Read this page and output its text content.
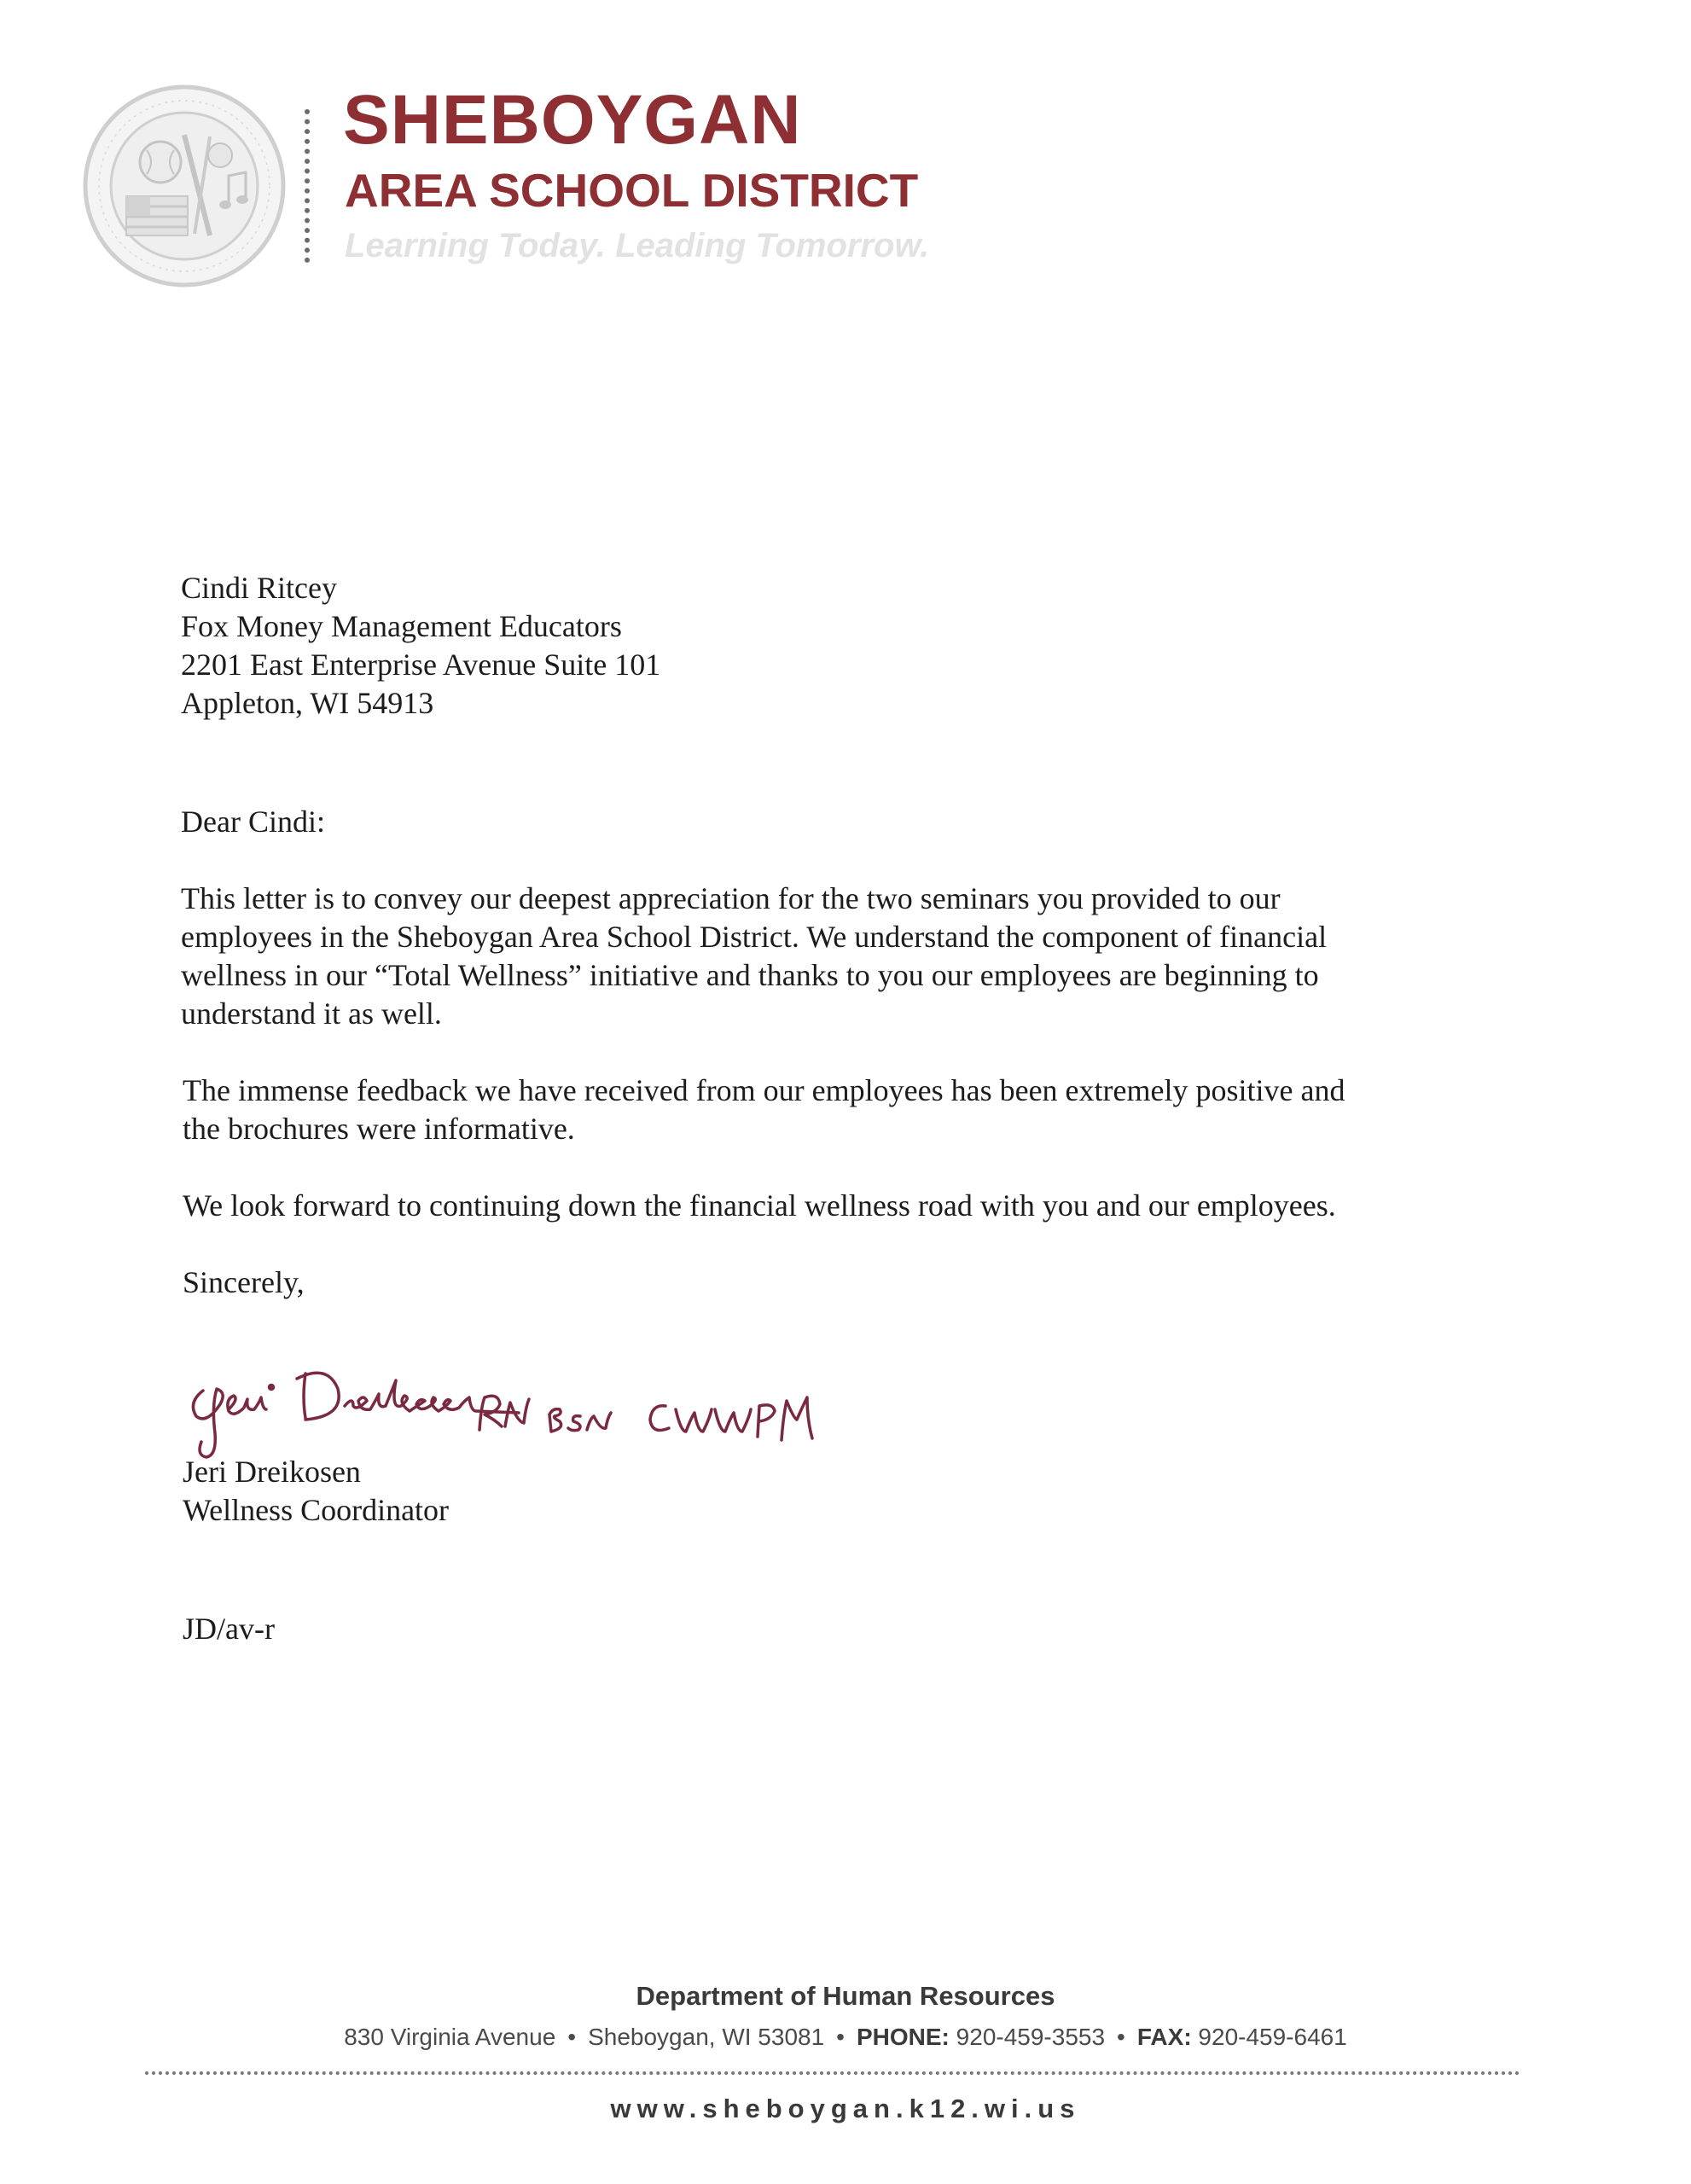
SHEBOYGAN
AREA SCHOOL DISTRICT
Learning Today. Leading Tomorrow.
Cindi Ritcey
Fox Money Management Educators
2201 East Enterprise Avenue Suite 101
Appleton, WI 54913
Dear Cindi:
This letter is to convey our deepest appreciation for the two seminars you provided to our
employees in the Sheboygan Area School District. We understand the component of financial
wellness in our “Total Wellness” initiative and thanks to you our employees are beginning to
understand it as well.
The immense feedback we have received from our employees has been extremely positive and
the brochures were informative.
We look forward to continuing down the financial wellness road with you and our employees.
Sincerely,
Jeri Dreikosen
Wellness Coordinator
JD/av-r
Department of Human Resources
830 Virginia Avenue • Sheboygan, WI 53081 • PHONE: 920-459-3553 • FAX: 920-459-6461
www.sheboygan.k12.wi.us
